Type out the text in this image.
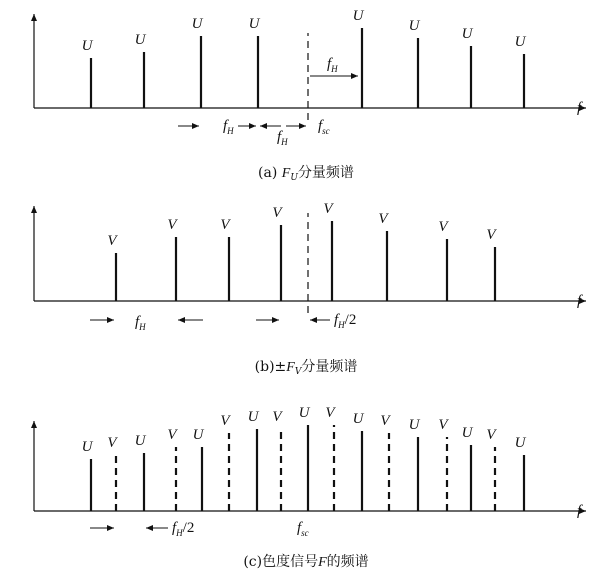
f
U	U
U	U	U
U	U	U
$f_H$	$f_H$
$f_{sc}$
$f_H$
(a) $F_U$分量频谱
f
V
V	V
V	V
V	V	V
$f_H$	$f_H/2$
$(b)\pm F_V$分量频谱
f
U V U V U
V U V U V U V U V U V U
$f_H/2$	$f_{sc}$
(c)色度信号F的频谱
